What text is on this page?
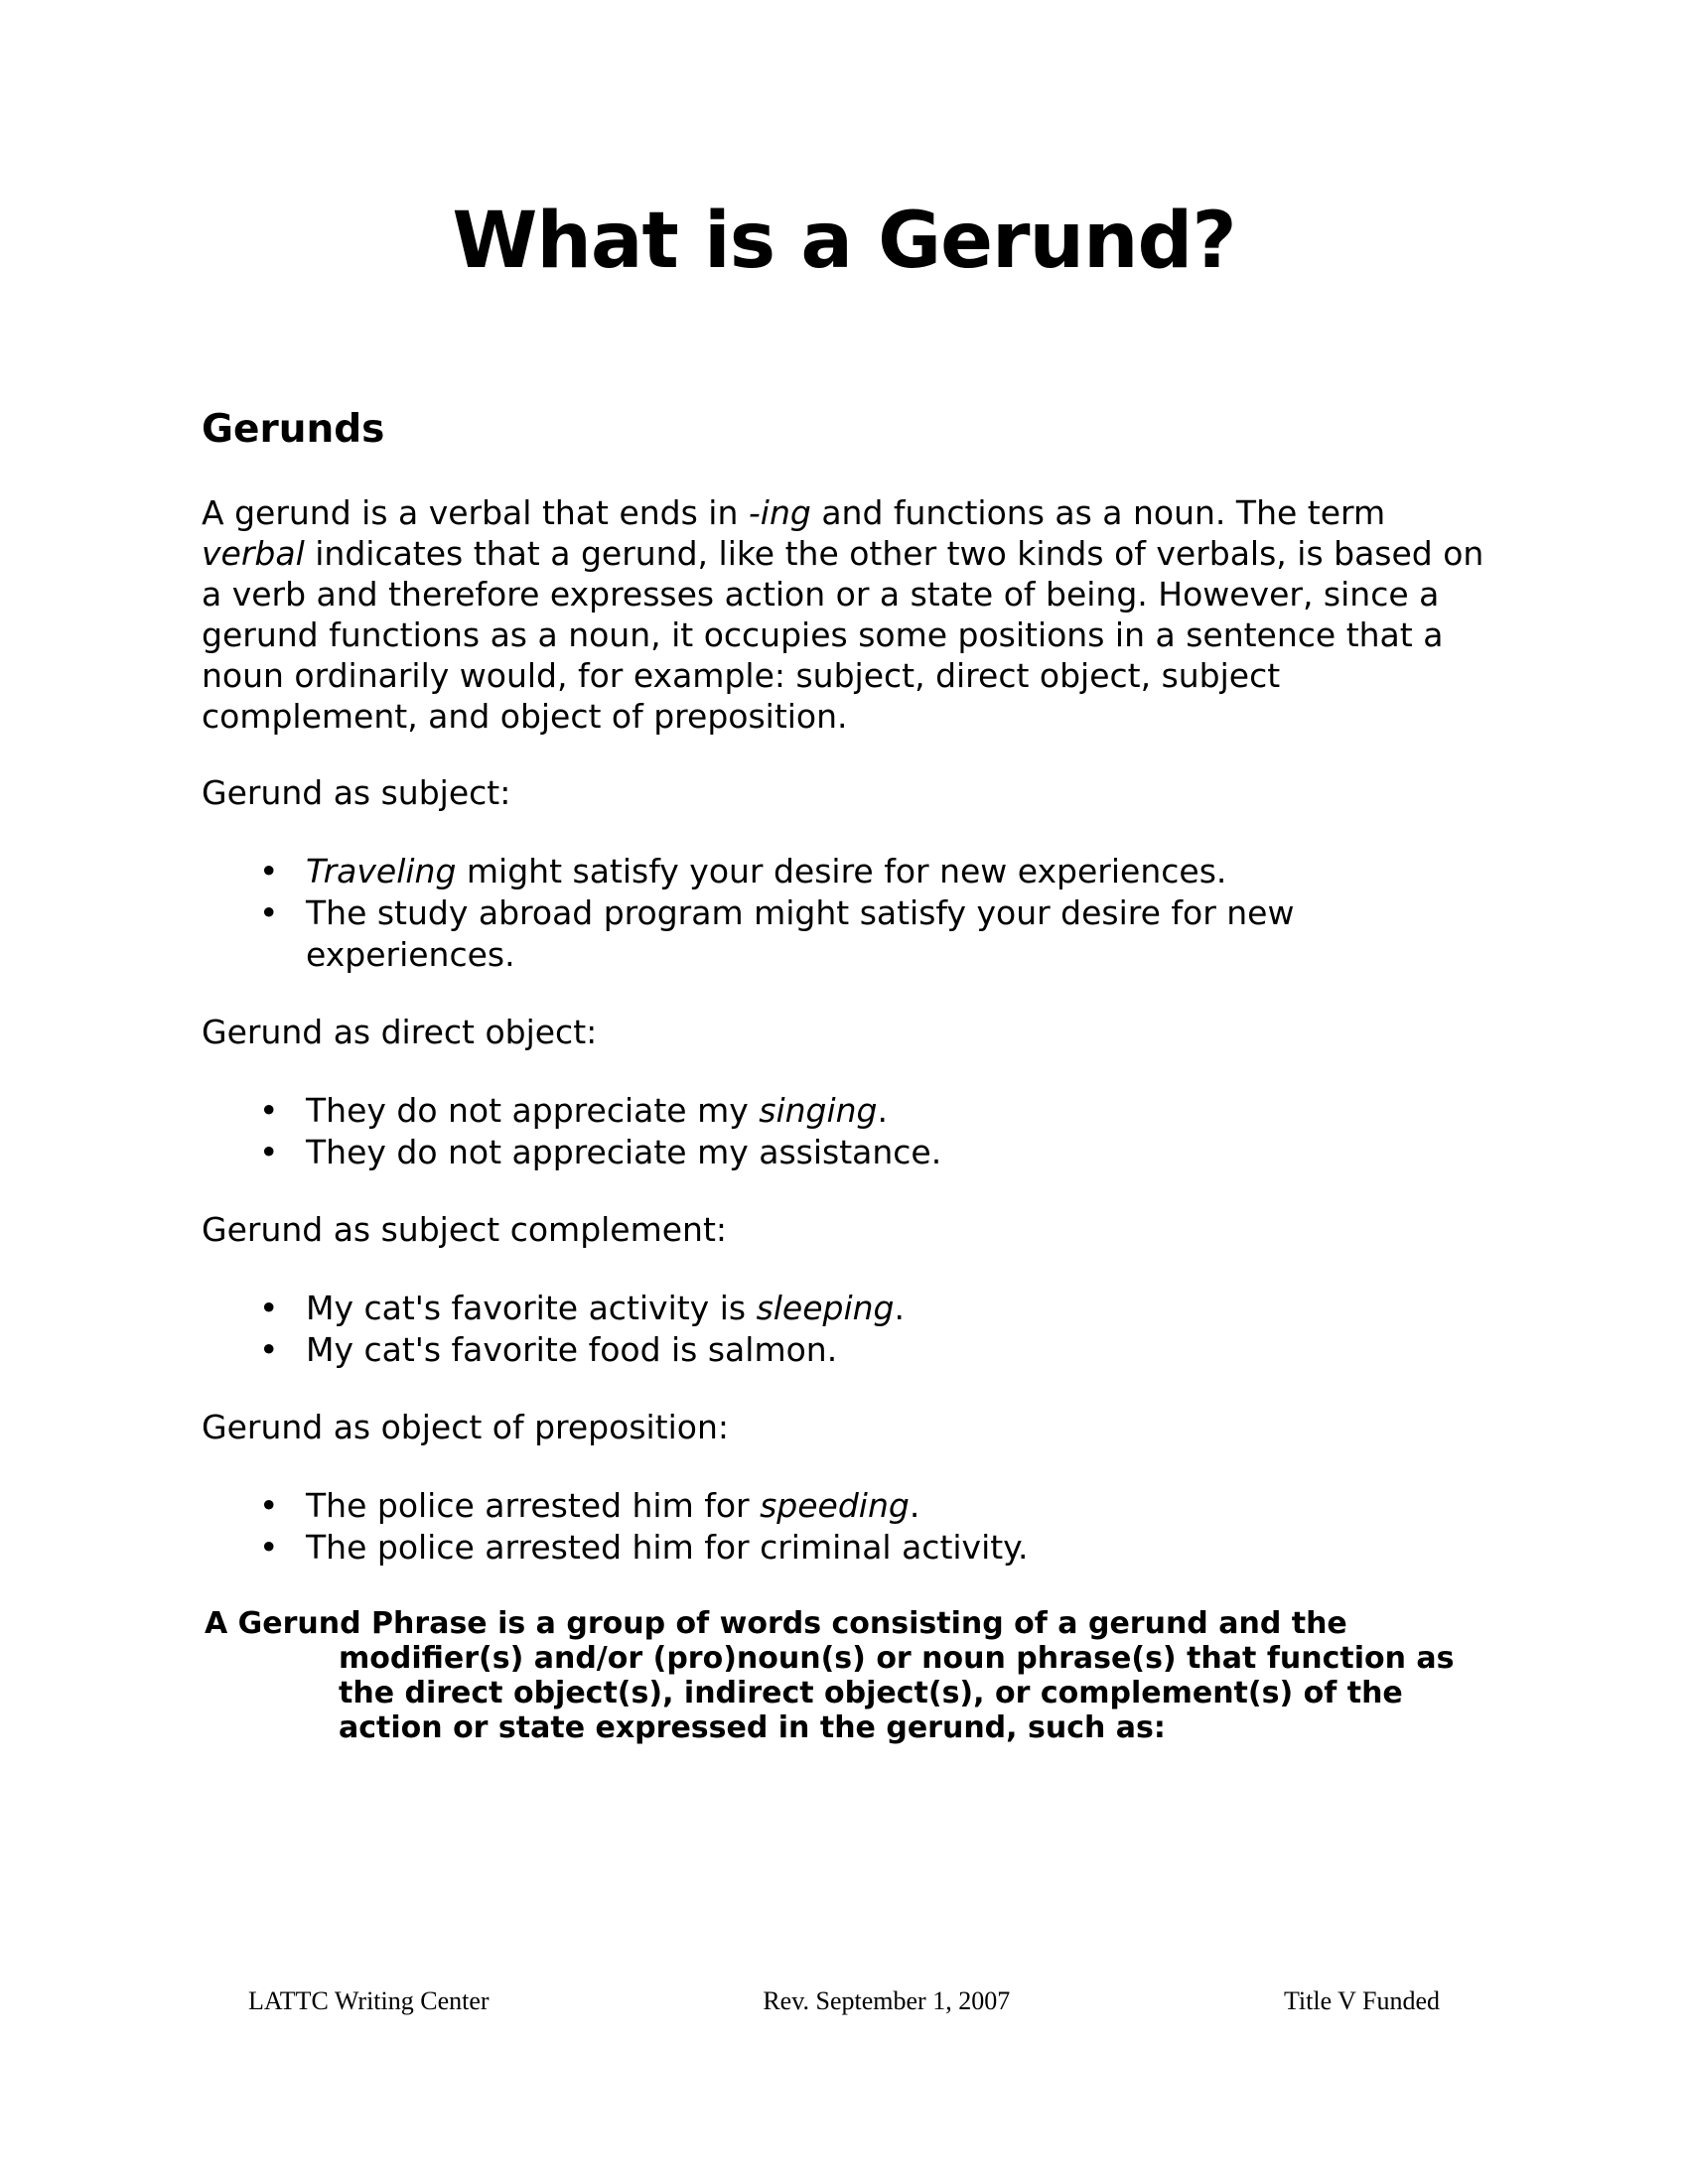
What is a Gerund?
Gerunds

A gerund is a verbal that ends in -ing and functions as a noun. The term verbal indicates that a gerund, like the other two kinds of verbals, is based on a verb and therefore expresses action or a state of being. However, since a gerund functions as a noun, it occupies some positions in a sentence that a noun ordinarily would, for example: subject, direct object, subject complement, and object of preposition.

Gerund as subject:

• Traveling might satisfy your desire for new experiences.
• The study abroad program might satisfy your desire for new experiences.

Gerund as direct object:

• They do not appreciate my singing.
• They do not appreciate my assistance.

Gerund as subject complement:

• My cat's favorite activity is sleeping.
• My cat's favorite food is salmon.

Gerund as object of preposition:

• The police arrested him for speeding.
• The police arrested him for criminal activity.

A Gerund Phrase is a group of words consisting of a gerund and the modifier(s) and/or (pro)noun(s) or noun phrase(s) that function as the direct object(s), indirect object(s), or complement(s) of the action or state expressed in the gerund, such as:

LATTC Writing Center	Rev. September 1, 2007	Title V Funded
